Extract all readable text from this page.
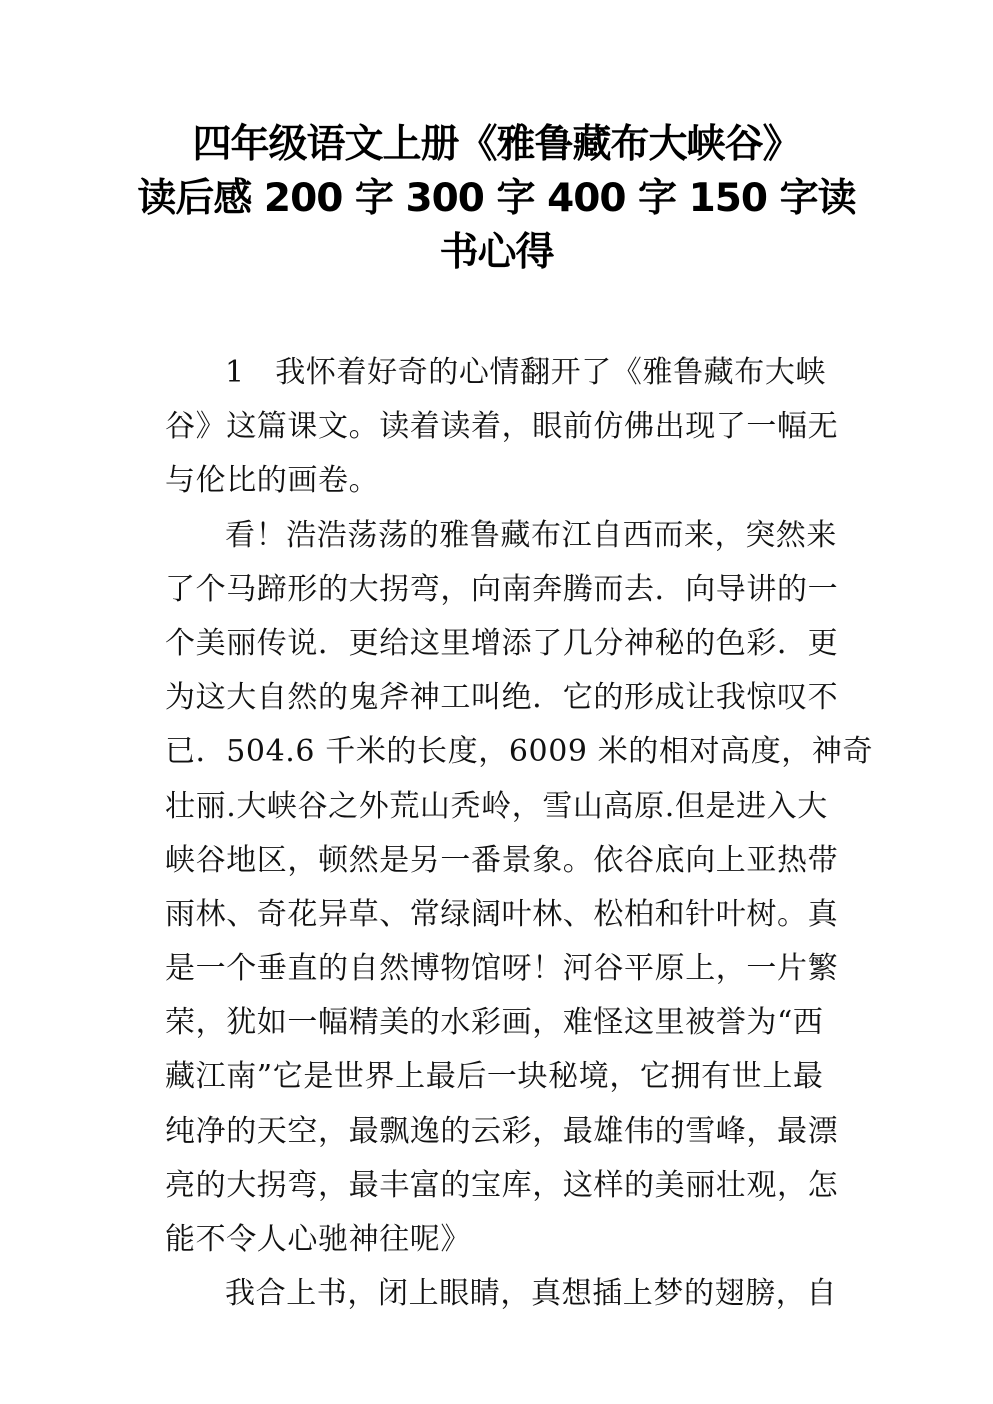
四年级语文上册《雅鲁藏布大峡谷》
读后感 200 字 300 字 400 字 150 字读
书心得
1　我怀着好奇的心情翻开了《雅鲁藏布大峡
谷》这篇课文。读着读着，眼前仿佛出现了一幅无
与伦比的画卷。
看！浩浩荡荡的雅鲁藏布江自西而来，突然来
了个马蹄形的大拐弯，向南奔腾而去．向导讲的一
个美丽传说．更给这里增添了几分神秘的色彩．更
为这大自然的鬼斧神工叫绝．它的形成让我惊叹不
已．504.6 千米的长度，6009 米的相对高度，神奇
壮丽.大峡谷之外荒山秃岭，雪山高原.但是进入大
峡谷地区，顿然是另一番景象。依谷底向上亚热带
雨林、奇花异草、常绿阔叶林、松柏和针叶树。真
是一个垂直的自然博物馆呀！河谷平原上，一片繁
荣，犹如一幅精美的水彩画，难怪这里被誉为“西
藏江南”它是世界上最后一块秘境，它拥有世上最
纯净的天空，最飘逸的云彩，最雄伟的雪峰，最漂
亮的大拐弯，最丰富的宝库，这样的美丽壮观，怎
能不令人心驰神往呢》
我合上书，闭上眼睛，真想插上梦的翅膀，自
